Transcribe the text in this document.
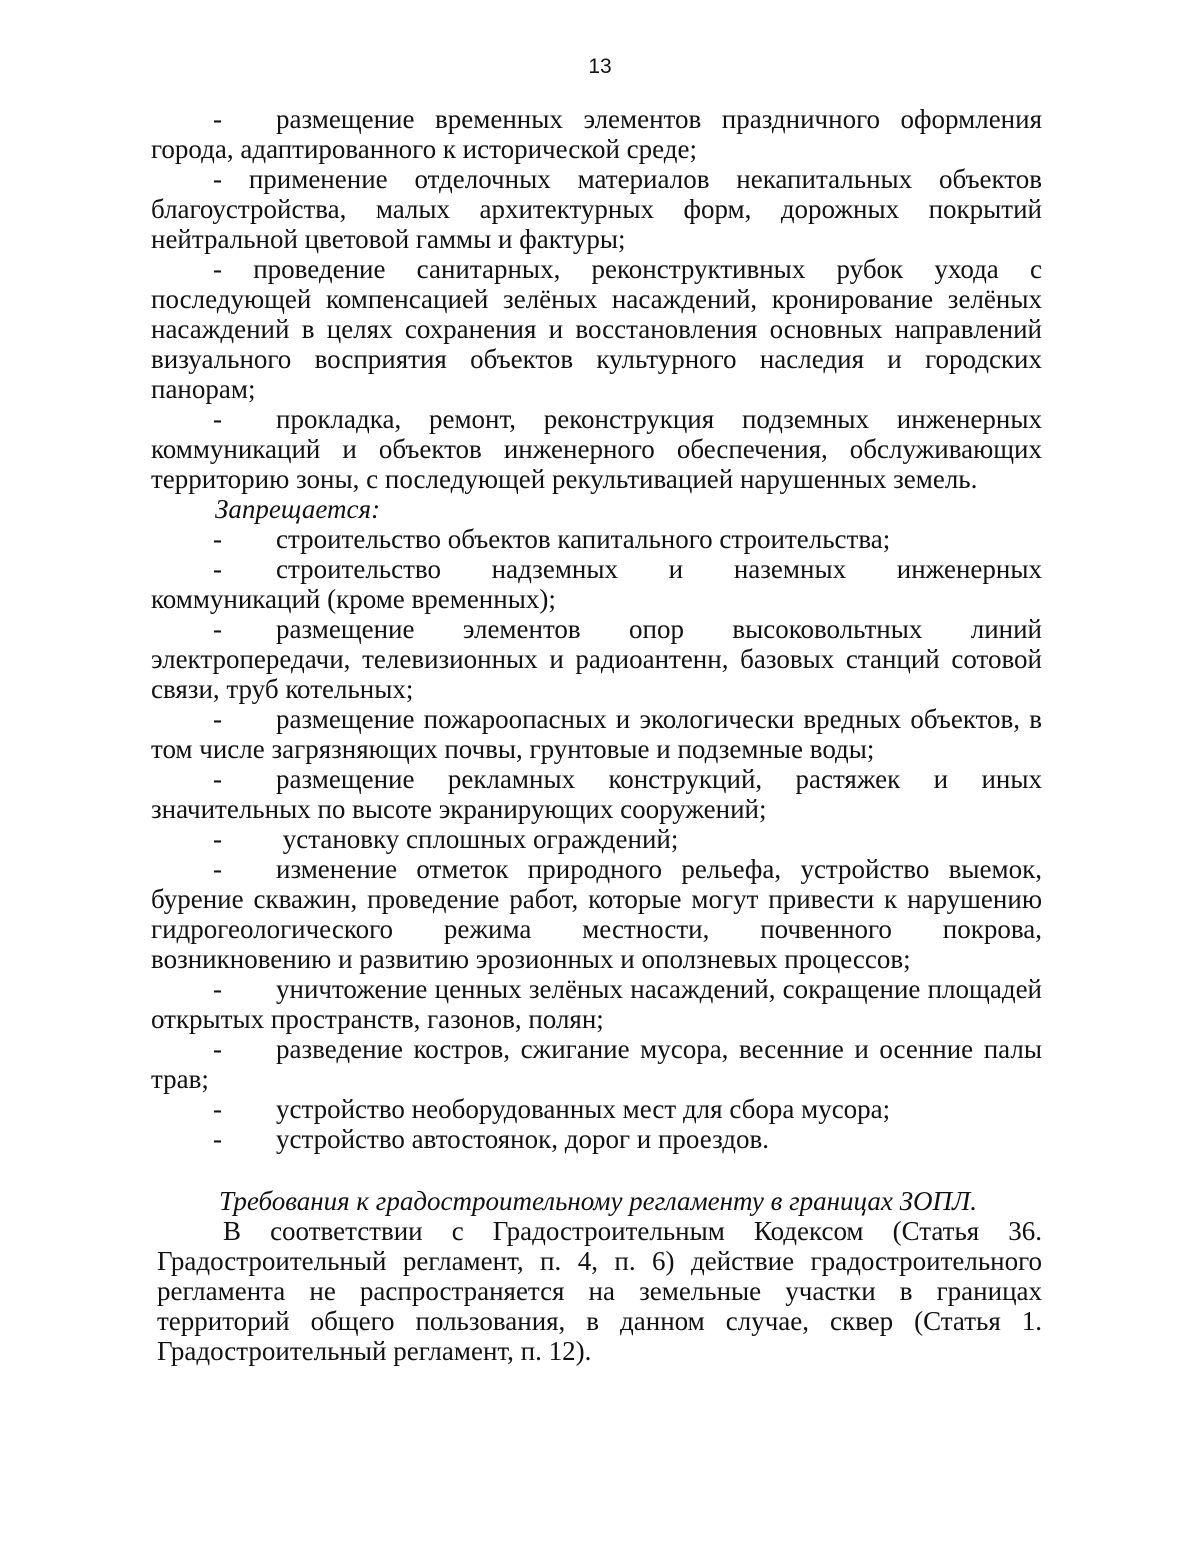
13

-  размещение временных элементов праздничного оформления города, адаптированного к исторической среде;

- применение отделочных материалов некапитальных объектов благоустройства, малых архитектурных форм, дорожных покрытий нейтральной цветовой гаммы и фактуры;

- проведение санитарных, реконструктивных рубок ухода с последующей компенсацией зелёных насаждений, кронирование зелёных насаждений в целях сохранения и восстановления основных направлений визуального восприятия объектов культурного наследия и городских панорам;

-  прокладка, ремонт, реконструкция подземных инженерных коммуникаций и объектов инженерного обеспечения, обслуживающих территорию зоны, с последующей рекультивацией нарушенных земель.

Запрещается:

-  строительство объектов капитального строительства;

-  строительство надземных и наземных инженерных коммуникаций (кроме временных);

-  размещение элементов опор высоковольтных линий электропередачи, телевизионных и радиоантенн, базовых станций сотовой связи, труб котельных;

-  размещение пожароопасных и экологически вредных объектов, в том числе загрязняющих почвы, грунтовые и подземные воды;

-  размещение рекламных конструкций, растяжек и иных значительных по высоте экранирующих сооружений;

-   установку сплошных ограждений;

-  изменение отметок природного рельефа, устройство выемок, бурение скважин, проведение работ, которые могут привести к нарушению гидрогеологического режима местности, почвенного покрова, возникновению и развитию эрозионных и оползневых процессов;

-  уничтожение ценных зелёных насаждений, сокращение площадей открытых пространств, газонов, полян;

-  разведение костров, сжигание мусора, весенние и осенние палы трав;

-  устройство необорудованных мест для сбора мусора;

-  устройство автостоянок, дорог и проездов.

Требования к градостроительному регламенту в границах ЗОПЛ.

В соответствии с Градостроительным Кодексом (Статья 36. Градостроительный регламент, п. 4, п. 6) действие градостроительного регламента не распространяется на земельные участки в границах территорий общего пользования, в данном случае, сквер (Статья 1. Градостроительный регламент, п. 12).
